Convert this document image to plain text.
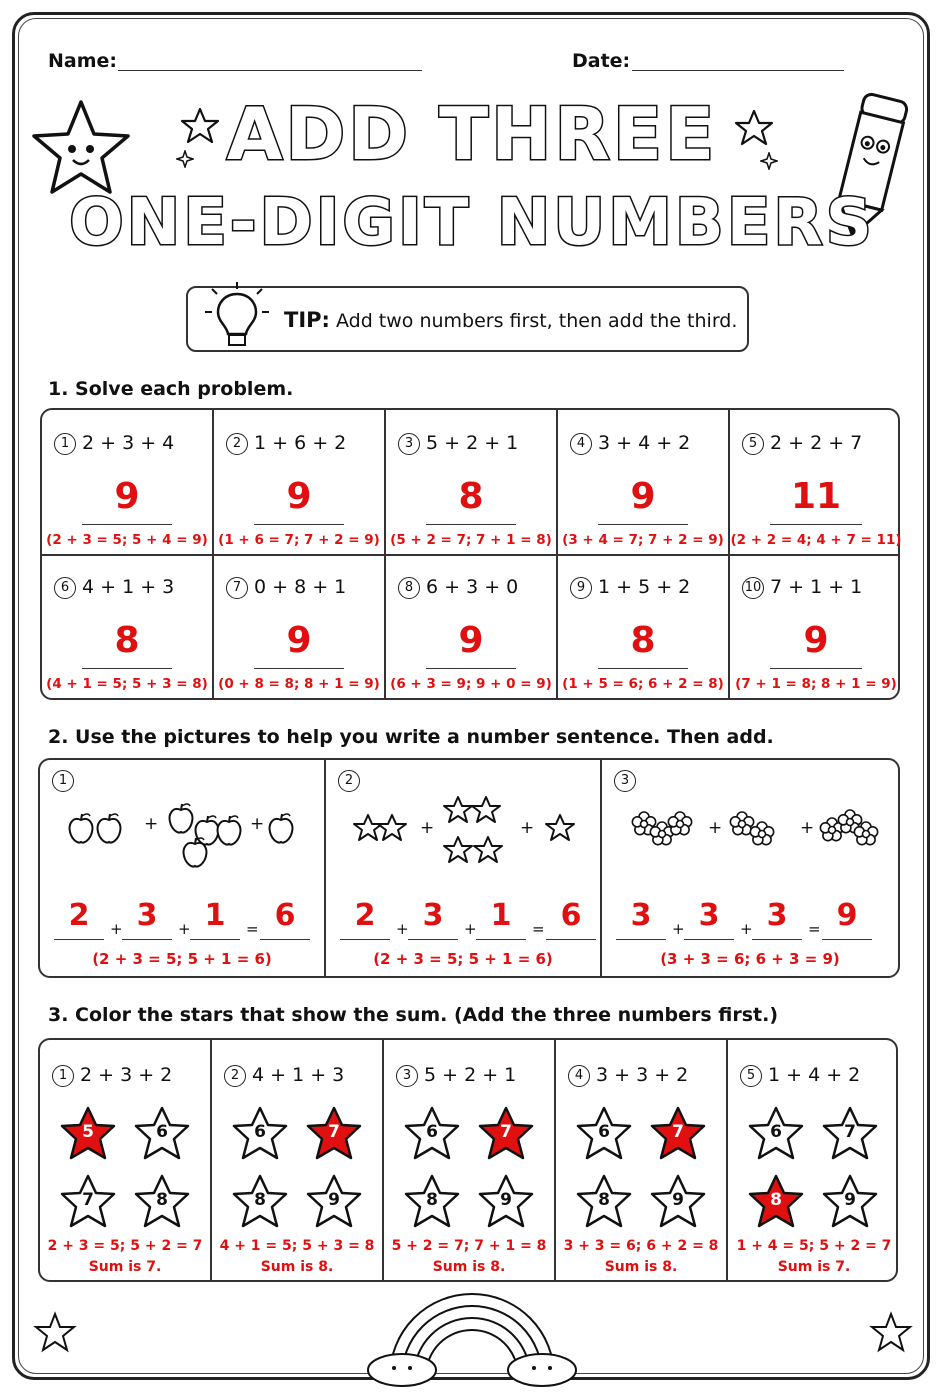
Name:	Date:
ADD THREE
ONE-DIGIT NUMBERS
TIP: Add two numbers first, then add the third.
1. Solve each problem.
1 2 + 3 + 4
9
(2 + 3 = 5; 5 + 4 = 9)
2 1 + 6 + 2
9
(1 + 6 = 7; 7 + 2 = 9)
3 5 + 2 + 1
8
(5 + 2 = 7; 7 + 1 = 8)
4 3 + 4 + 2
9
(3 + 4 = 7; 7 + 2 = 9)
5 2 + 2 + 7
11
(2 + 2 = 4; 4 + 7 = 11)
6 4 + 1 + 3
8
(4 + 1 = 5; 5 + 3 = 8)
7 0 + 8 + 1
9
(0 + 8 = 8; 8 + 1 = 9)
8 6 + 3 + 0
9
(6 + 3 = 9; 9 + 0 = 9)
9 1 + 5 + 2
8
(1 + 5 = 6; 6 + 2 = 8)
10 7 + 1 + 1
9
(7 + 1 = 8; 8 + 1 = 9)
2. Use the pictures to help you write a number sentence. Then add.
1
+	+
2	+ 3	+ 1	= 6
(2 + 3 = 5; 5 + 1 = 6)
2
+	+
2	+ 3	+ 1	= 6
(2 + 3 = 5; 5 + 1 = 6)
3
+	+
3	+ 3	+ 3	= 9
(3 + 3 = 6; 6 + 3 = 9)
3. Color the stars that show the sum. (Add the three numbers first.)
1 2 + 3 + 2
5	6
7	8
2 + 3 = 5; 5 + 2 = 7
Sum is 7.
2 4 + 1 + 3
6	7
8	9
4 + 1 = 5; 5 + 3 = 8
Sum is 8.
3 5 + 2 + 1
6	7
8	9
5 + 2 = 7; 7 + 1 = 8
Sum is 8.
4 3 + 3 + 2
6	7
8	9
3 + 3 = 6; 6 + 2 = 8
Sum is 8.
5 1 + 4 + 2
6	7
8	9
1 + 4 = 5; 5 + 2 = 7
Sum is 7.
